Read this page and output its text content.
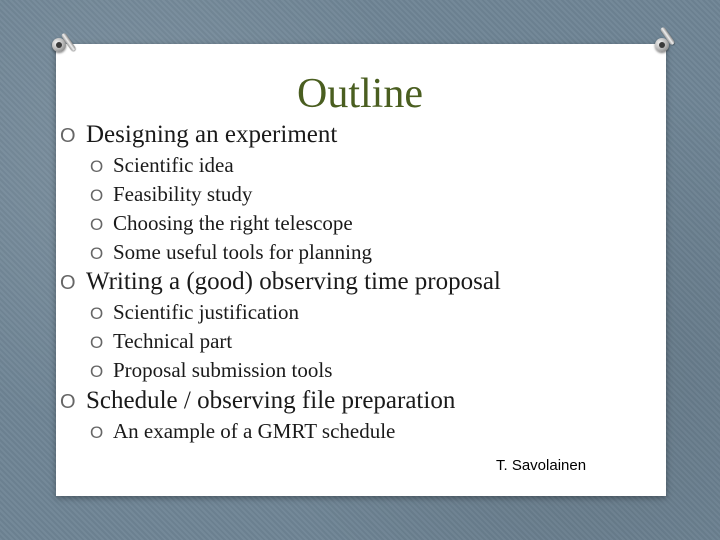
Outline
O Designing an experiment
O Scientific idea
O Feasibility study
O Choosing the right telescope
O Some useful tools for planning
O Writing a (good) observing time proposal
O Scientific justification
O Technical part
O Proposal submission tools
O Schedule / observing file preparation
O An example of a GMRT schedule
T. Savolainen
